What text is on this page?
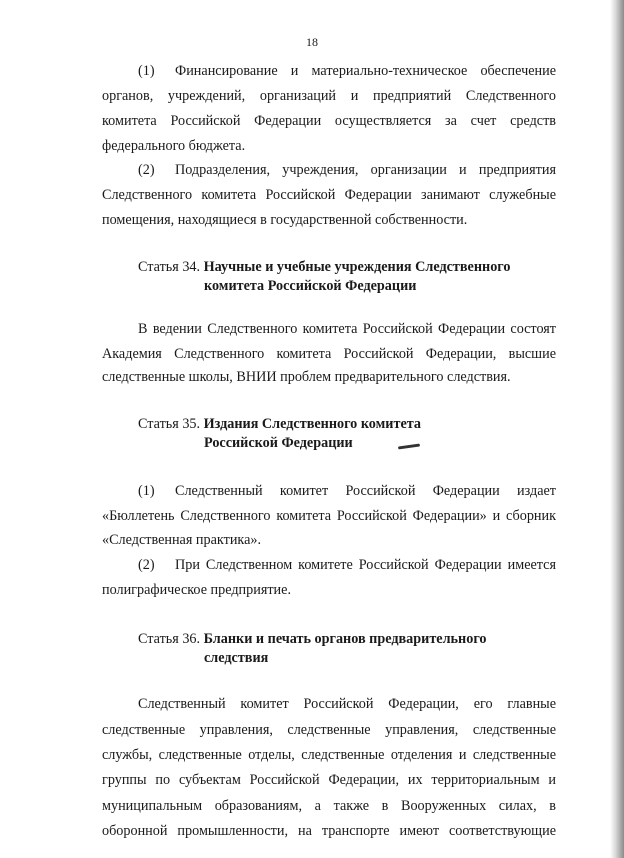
18
(1) Финансирование и материально-техническое обеспечение
органов, учреждений, организаций и предприятий Следственного
комитета Российской Федерации осуществляется за счет средств
федерального бюджета.
(2) Подразделения, учреждения, организации и предприятия
Следственного комитета Российской Федерации занимают служебные
помещения, находящиеся в государственной собственности.
Статья 34. Научные и учебные учреждения Следственного
комитета Российской Федерации
В ведении Следственного комитета Российской Федерации состоят
Академия Следственного комитета Российской Федерации, высшие
следственные школы, ВНИИ проблем предварительного следствия.
Статья 35. Издания Следственного комитета
Российской Федерации
(1) Следственный комитет Российской Федерации издает
«Бюллетень Следственного комитета Российской Федерации» и сборник
«Следственная практика».
(2) При Следственном комитете Российской Федерации имеется
полиграфическое предприятие.
Статья 36. Бланки и печать органов предварительного
следствия
Следственный комитет Российской Федерации, его главные
следственные управления, следственные управления, следственные
службы, следственные отделы, следственные отделения и следственные
группы по субъектам Российской Федерации, их территориальным и
муниципальным образованиям, а также в Вооруженных силах, в
оборонной промышленности, на транспорте имеют соответствующие
